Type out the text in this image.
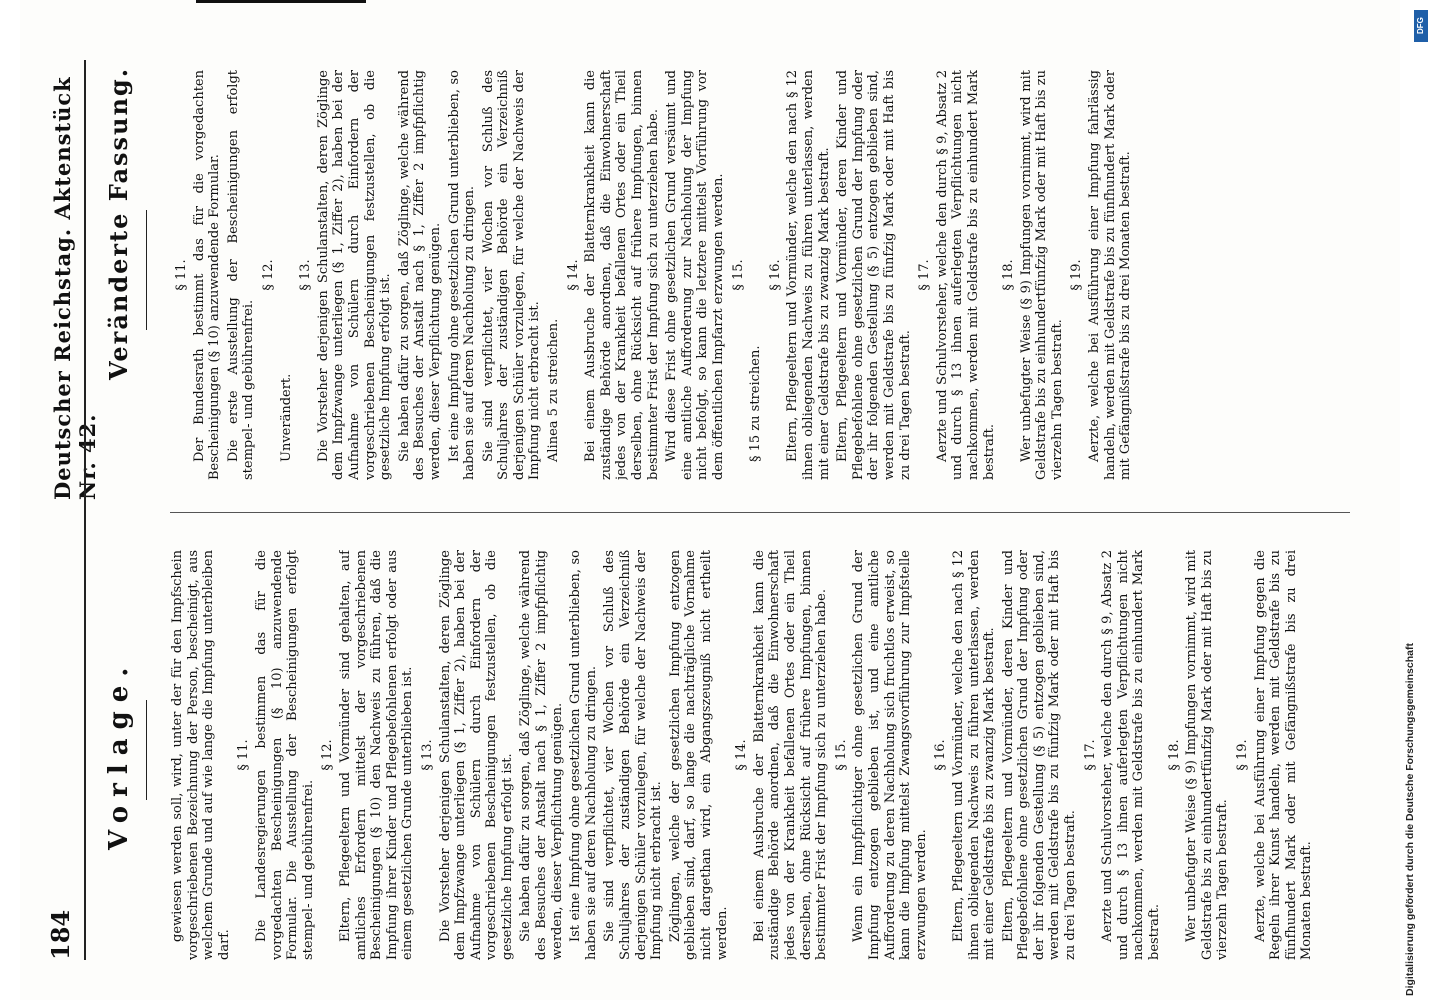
184
Deutscher Reichstag. Aktenstück Nr. 42.
Vorlage.
Veränderte Fassung.

gewiesen werden soll, wird, unter der für den Impfschein vorgeschriebenen Bezeichnung der Person, bescheinigt, aus welchem Grunde und auf wie lange die Impfung unterbleiben darf.

§ 11. Die Landesregierungen bestimmen das für die vorgedachten Bescheinigungen (§ 10) anzuwendende Formular. Die Ausstellung der Bescheinigungen erfolgt stempel- und gebührenfrei.

§ 12. Eltern, Pflegeeltern und Vormünder sind gehalten, auf amtliches Erfordern mittelst der vorgeschriebenen Bescheinigungen (§ 10) den Nachweis zu führen, daß die Impfung ihrer Kinder und Pflegebefohlenen erfolgt oder aus einem gesetzlichen Grunde unterblieben ist. § 13. Die Vorsteher derjenigen Schulanstalten, deren Zöglinge dem Impfzwange unterliegen (§ 1, Ziffer 2), haben bei der Aufnahme von Schülern durch Einfordern der vorgeschriebenen Bescheinigungen festzustellen, ob die gesetzliche Impfung erfolgt ist. Sie haben dafür zu sorgen, daß Zöglinge, welche während des Besuches der Anstalt nach § 1, Ziffer 2 impfpflichtig werden, dieser Verpflichtung genügen. Ist eine Impfung ohne gesetzlichen Grund unterblieben, so haben sie auf deren Nachholung zu dringen. Sie sind verpflichtet, vier Wochen vor Schluß des Schuljahres der zuständigen Behörde ein Verzeichniß derjenigen Schüler vorzulegen, für welche der Nachweis der Impfung nicht erbracht ist. Zöglingen, welche der gesetzlichen Impfung entzogen geblieben sind, darf, so lange die nachträgliche Vornahme nicht dargethan wird, ein Abgangszeugniß nicht ertheilt werden.

§ 14. Bei einem Ausbruche der Blatternkrankheit kann die zuständige Behörde anordnen, daß die Einwohnerschaft jedes von der Krankheit befallenen Ortes oder ein Theil derselben, ohne Rücksicht auf frühere Impfungen, binnen bestimmter Frist der Impfung sich zu unterziehen habe. § 15. Wenn ein Impfpflichtiger ohne gesetzlichen Grund der Impfung entzogen geblieben ist, und eine amtliche Aufforderung zu deren Nachholung sich fruchtlos erweist, so kann die Impfung mittelst Zwangsvorführung zur Impfstelle erzwungen werden.

§ 16. Eltern, Pflegeeltern und Vormünder, welche den nach § 12 ihnen obliegenden Nachweis zu führen unterlassen, werden mit einer Geldstrafe bis zu zwanzig Mark bestraft. Eltern, Pflegeeltern und Vormünder, deren Kinder und Pflegebefohlene ohne gesetzlichen Grund der Impfung oder der ihr folgenden Gestellung (§ 5) entzogen geblieben sind, werden mit Geldstrafe bis zu fünfzig Mark oder mit Haft bis zu drei Tagen bestraft.

§ 17. Aerzte und Schulvorsteher, welche den durch § 9, Absatz 2 und durch § 13 ihnen auferlegten Verpflichtungen nicht nachkommen, werden mit Geldstrafe bis zu einhundert Mark bestraft.

§ 18. Wer unbefugter Weise (§ 9) Impfungen vornimmt, wird mit Geldstrafe bis zu einhundertfünfzig Mark oder mit Haft bis zu vierzehn Tagen bestraft.

§ 19. Aerzte, welche bei Ausführung einer Impfung gegen die Regeln ihrer Kunst handeln, werden mit Geldstrafe bis zu fünfhundert Mark oder mit Gefängnißstrafe bis zu drei Monaten bestraft.

§ 11. Der Bundesrath bestimmt das für die vorgedachten Bescheinigungen (§ 10) anzuwendende Formular. Die erste Ausstellung der Bescheinigungen erfolgt stempel- und gebührenfrei.

§ 12.

Unverändert.

§ 13. Die Vorsteher derjenigen Schulanstalten, deren Zöglinge dem Impfzwange unterliegen (§ 1, Ziffer 2), haben bei der Aufnahme von Schülern durch Einfordern der vorgeschriebenen Bescheinigungen festzustellen, ob die gesetzliche Impfung erfolgt ist. Sie haben dafür zu sorgen, daß Zöglinge, welche während des Besuches der Anstalt nach § 1, Ziffer 2 impfpflichtig werden, dieser Verpflichtung genügen. Ist eine Impfung ohne gesetzlichen Grund unterblieben, so haben sie auf deren Nachholung zu dringen. Sie sind verpflichtet, vier Wochen vor Schluß des Schuljahres der zuständigen Behörde ein Verzeichniß derjenigen Schüler vorzulegen, für welche der Nachweis der Impfung nicht erbracht ist. Alinea 5 zu streichen.

§ 14. Bei einem Ausbruche der Blatternkrankheit kann die zuständige Behörde anordnen, daß die Einwohnerschaft jedes von der Krankheit befallenen Ortes oder ein Theil derselben, ohne Rücksicht auf frühere Impfungen, binnen bestimmter Frist der Impfung sich zu unterziehen habe. Wird diese Frist ohne gesetzlichen Grund versäumt und eine amtliche Aufforderung zur Nachholung der Impfung nicht befolgt, so kann die letztere mittelst Vorführung vor dem öffentlichen Impfarzt erzwungen werden. § 15.

§ 15 zu streichen.

§ 16. Eltern, Pflegeeltern und Vormünder, welche den nach § 12 ihnen obliegenden Nachweis zu führen unterlassen, werden mit einer Geldstrafe bis zu zwanzig Mark bestraft. Eltern, Pflegeeltern und Vormünder, deren Kinder und Pflegebefohlene ohne gesetzlichen Grund der Impfung oder der ihr folgenden Gestellung (§ 5) entzogen geblieben sind, werden mit Geldstrafe bis zu fünfzig Mark oder mit Haft bis zu drei Tagen bestraft.

§ 17. Aerzte und Schulvorsteher, welche den durch § 9, Absatz 2 und durch § 13 ihnen auferlegten Verpflichtungen nicht nachkommen, werden mit Geldstrafe bis zu einhundert Mark bestraft.

§ 18. Wer unbefugter Weise (§ 9) Impfungen vornimmt, wird mit Geldstrafe bis zu einhundertfünfzig Mark oder mit Haft bis zu vierzehn Tagen bestraft.

§ 19. Aerzte, welche bei Ausführung einer Impfung fahrlässig handeln, werden mit Geldstrafe bis zu fünfhundert Mark oder mit Gefängnißstrafe bis zu drei Monaten bestraft.

DFG
Digitalisierung gefördert durch die Deutsche Forschungsgemeinschaft
